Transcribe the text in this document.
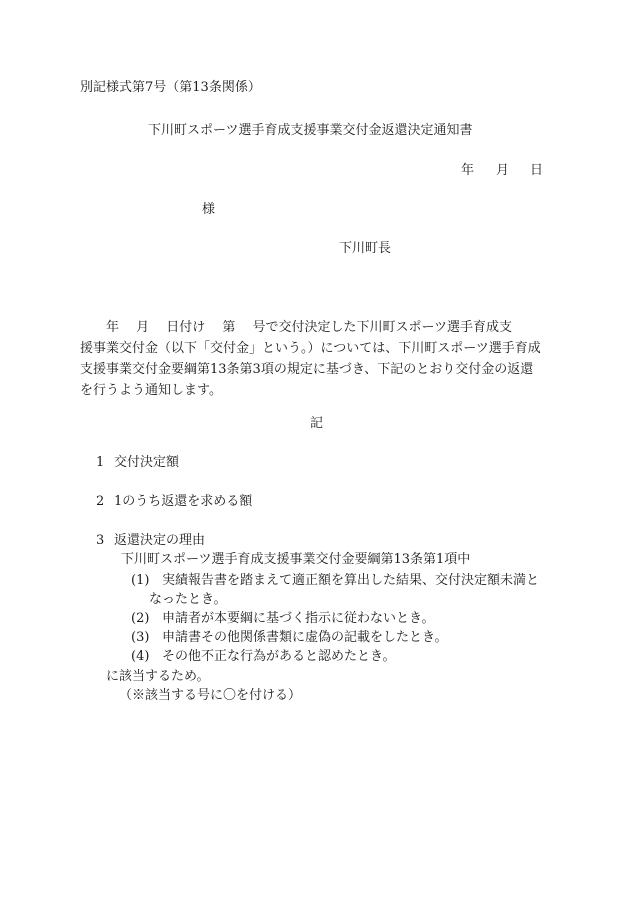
別記様式第7号（第13条関係）
下川町スポーツ選手育成支援事業交付金返還決定通知書
年 月 日
様
下川町長
年　 月　 日付け　 第　 号で交付決定した下川町スポーツ選手育成支
援事業交付金（以下「交付金」という。）については、下川町スポーツ選手育成
支援事業交付金要綱第13条第3項の規定に基づき、下記のとおり交付金の返還
を行うよう通知します。
記
1 交付決定額
2 1のうち返還を求める額
3 返還決定の理由
下川町スポーツ選手育成支援事業交付金要綱第13条第1項中
(1) 実績報告書を踏まえて適正額を算出した結果、交付決定額未満と
なったとき。
(2) 申請者が本要綱に基づく指示に従わないとき。
(3) 申請書その他関係書類に虚偽の記載をしたとき。
(4) その他不正な行為があると認めたとき。
に該当するため。
（※該当する号に〇を付ける）
